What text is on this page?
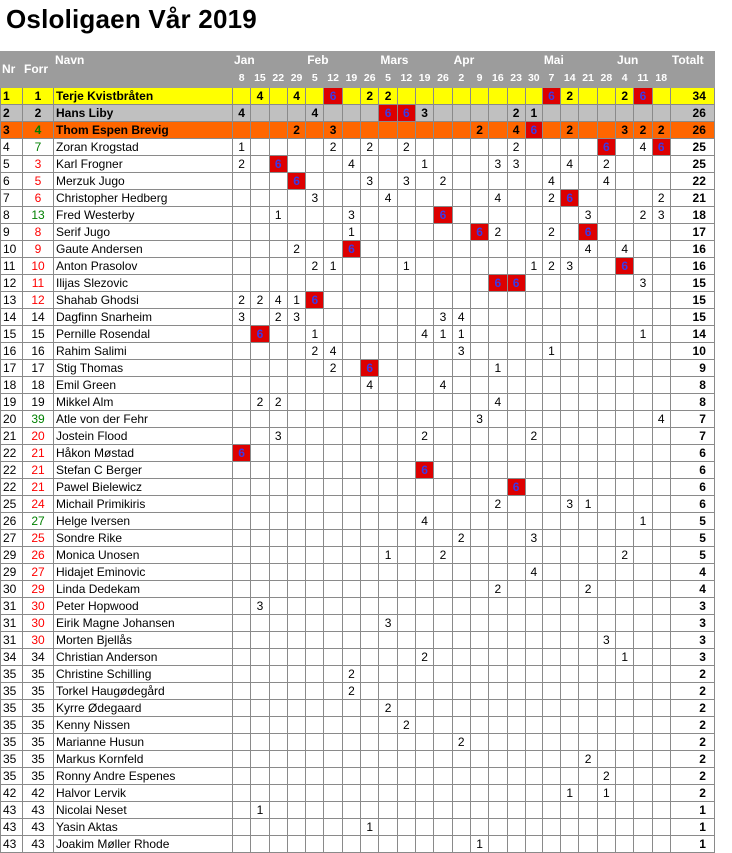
Osloligaen Vår 2019
Nr	Forr	Navn	Jan				Feb				Mars				Apr					Mai				Jun			Totalt
			8	15	22	29	5	12	19	26	5	12	19	26	2	9	16	23	30	7	14	21	28	4	11	18	
1	1	Terje Kvistbråten		4		4		6		2	2									6	2			2	6		34
2	2	Hans Liby	4				4				6	6	3					2	1								26
3	4	Thom Espen Brevig				2		3								2		4	6		2			3	2	2	26
4	7	Zoran Krogstad	1					2		2		2						2					6		4	6	25
5	3	Karl Frogner	2		6				4				1				3	3			4		2				25
6	5	Merzuk Jugo				6				3		3		2						4			4				22
7	6	Christopher Hedberg					3				4						4			2	6					2	21
8	13	Fred Westerby			1				3					6								3			2	3	18
9	8	Serif Jugo							1							6	2			2		6					17
10	9	Gaute Andersen				2			6													4		4			16
11	10	Anton Prasolov					2	1				1							1	2	3			6			16
12	11	Ilijas Slezovic															6	6							3		15
13	12	Shahab Ghodsi	2	2	4	1	6																				15
14	14	Dagfinn Snarheim	3		2	3								3	4												15
15	15	Pernille Rosendal		6			1						4	1	1										1		14
16	16	Rahim Salimi					2	4							3					1							10
17	17	Stig Thomas						2		6							1										9
18	18	Emil Green								4				4													8
19	19	Mikkel Alm		2	2												4										8
20	39	Atle von der Fehr														3										4	7
21	20	Jostein Flood			3								2						2								7
22	21	Håkon Møstad	6																								6
22	21	Stefan C Berger											6														6
22	21	Pawel Bielewicz																6									6
25	24	Michail Primikiris															2				3	1					6
26	27	Helge Iversen											4												1		5
27	25	Sondre Rike													2				3								5
29	26	Monica Unosen									1			2										2			5
29	27	Hidajet Eminovic																	4								4
30	29	Linda Dedekam															2					2					4
31	30	Peter Hopwood		3																							3
31	30	Eirik Magne Johansen									3																3
31	30	Morten Bjellås																					3				3
34	34	Christian Anderson											2											1			3
35	35	Christine Schilling							2																		2
35	35	Torkel Haugødegård							2																		2
35	35	Kyrre Ødegaard									2																2
35	35	Kenny Nissen										2															2
35	35	Marianne Husun													2												2
35	35	Markus Kornfeld																				2					2
35	35	Ronny Andre Espenes																					2				2
42	42	Halvor Lervik																			1		1				2
43	43	Nicolai Neset		1																							1
43	43	Yasin Aktas								1																	1
43	43	Joakim Møller Rhode														1											1
